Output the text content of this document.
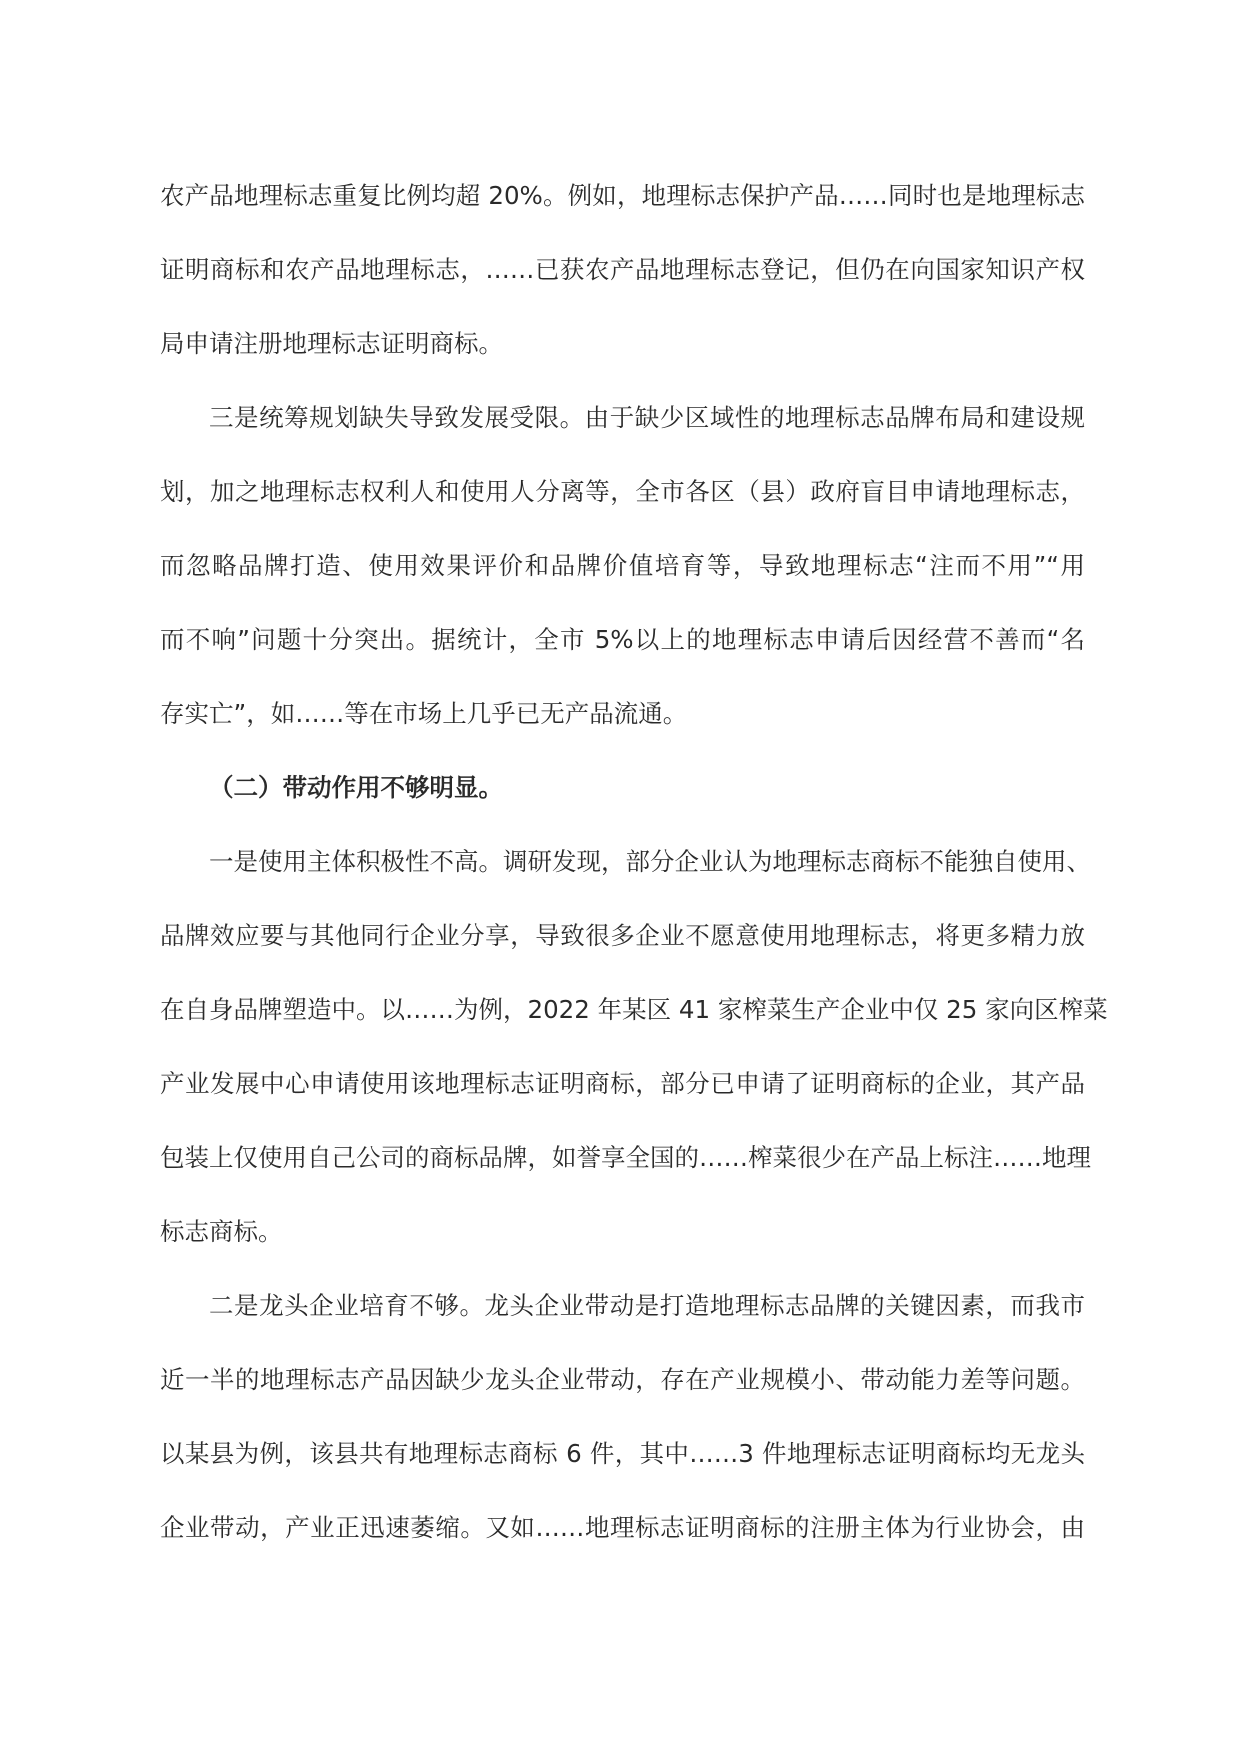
农产品地理标志重复比例均超 20%。例如，地理标志保护产品……同时也是地理标志
证明商标和农产品地理标志，……已获农产品地理标志登记，但仍在向国家知识产权
局申请注册地理标志证明商标。
三是统筹规划缺失导致发展受限。由于缺少区域性的地理标志品牌布局和建设规
划，加之地理标志权利人和使用人分离等，全市各区（县）政府盲目申请地理标志，
而忽略品牌打造、使用效果评价和品牌价值培育等，导致地理标志“注而不用”“用
而不响”问题十分突出。据统计，全市 5%以上的地理标志申请后因经营不善而“名
存实亡”，如……等在市场上几乎已无产品流通。
（二）带动作用不够明显。
一是使用主体积极性不高。调研发现，部分企业认为地理标志商标不能独自使用、
品牌效应要与其他同行企业分享，导致很多企业不愿意使用地理标志，将更多精力放
在自身品牌塑造中。以……为例，2022 年某区 41 家榨菜生产企业中仅 25 家向区榨菜
产业发展中心申请使用该地理标志证明商标，部分已申请了证明商标的企业，其产品
包装上仅使用自己公司的商标品牌，如誉享全国的……榨菜很少在产品上标注……地理
标志商标。
二是龙头企业培育不够。龙头企业带动是打造地理标志品牌的关键因素，而我市
近一半的地理标志产品因缺少龙头企业带动，存在产业规模小、带动能力差等问题。
以某县为例，该县共有地理标志商标 6 件，其中……3 件地理标志证明商标均无龙头
企业带动，产业正迅速萎缩。又如……地理标志证明商标的注册主体为行业协会，由
